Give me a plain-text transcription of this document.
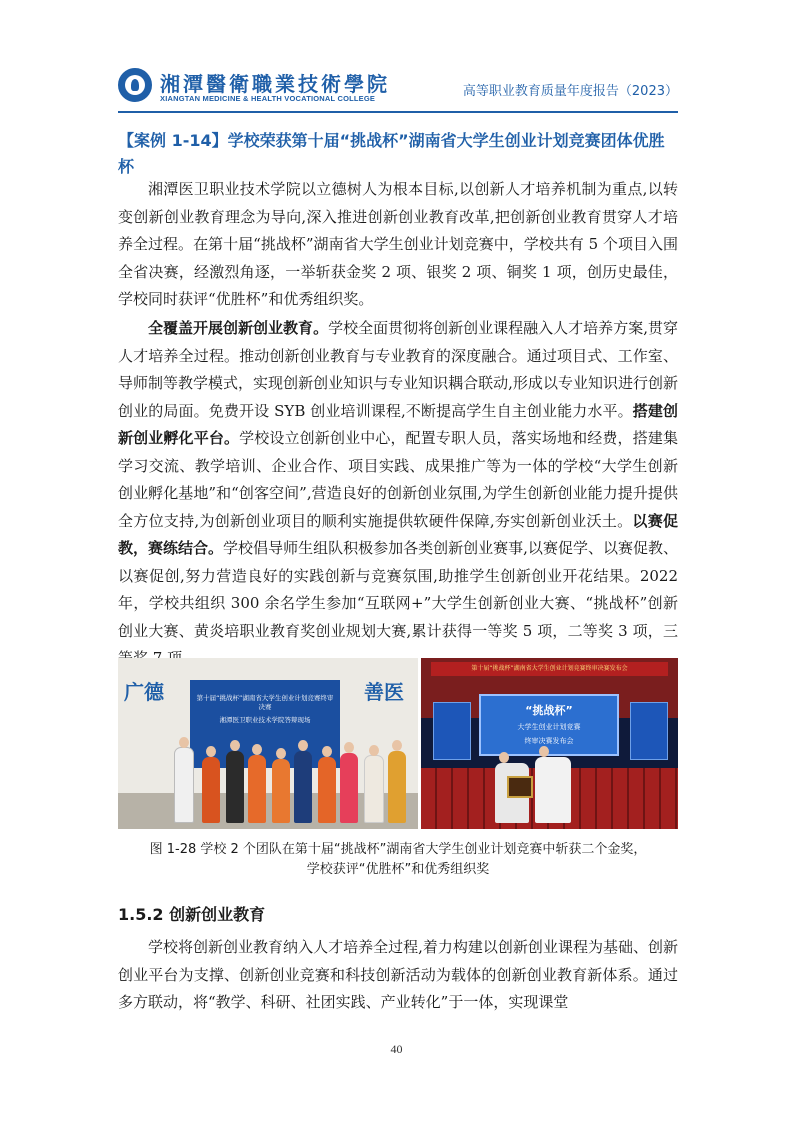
湘潭醫衛職業技術學院
XIANGTAN MEDICINE & HEALTH VOCATIONAL COLLEGE	高等职业教育质量年度报告（2023）
【案例 1-14】学校荣获第十届“挑战杯”湖南省大学生创业计划竞赛团体优胜杯

湘潭医卫职业技术学院以立德树人为根本目标,以创新人才培养机制为重点,以转变创新创业教育理念为导向,深入推进创新创业教育改革,把创新创业教育贯穿人才培养全过程。在第十届“挑战杯”湖南省大学生创业计划竞赛中，学校共有 5 个项目入围全省决赛，经激烈角逐，一举斩获金奖 2 项、银奖 2 项、铜奖 1 项，创历史最佳，学校同时获评“优胜杯”和优秀组织奖。

全覆盖开展创新创业教育。学校全面贯彻将创新创业课程融入人才培养方案,贯穿人才培养全过程。推动创新创业教育与专业教育的深度融合。通过项目式、工作室、导师制等教学模式，实现创新创业知识与专业知识耦合联动,形成以专业知识进行创新创业的局面。免费开设 SYB 创业培训课程,不断提高学生自主创业能力水平。搭建创新创业孵化平台。学校设立创新创业中心，配置专职人员，落实场地和经费，搭建集学习交流、教学培训、企业合作、项目实践、成果推广等为一体的学校“大学生创新创业孵化基地”和“创客空间”,营造良好的创新创业氛围,为学生创新创业能力提升提供全方位支持,为创新创业项目的顺利实施提供软硬件保障,夯实创新创业沃土。以赛促教，赛练结合。学校倡导师生组队积极参加各类创新创业赛事,以赛促学、以赛促教、以赛促创,努力营造良好的实践创新与竞赛氛围,助推学生创新创业开花结果。2022 年，学校共组织 300 余名学生参加“互联网+”大学生创新创业大赛、“挑战杯”创新创业大赛、黄炎培职业教育奖创业规划大赛,累计获得一等奖 5 项，二等奖 3 项，三

广德	善医
第十届“挑战杯”湖南省大学生创业计划竞赛终审决赛
湘潭医卫职业技术学院答辩现场
第十届“挑战杯”湖南省大学生创业计划竞赛终审决赛发布会
“挑战杯”
大学生创业计划竞赛
终审决赛发布会
图 1-28 学校 2 个团队在第十届“挑战杯”湖南省大学生创业计划竞赛中斩获二个金奖，
学校获评“优胜杯”和优秀组织奖
1.5.2 创新创业教育

学校将创新创业教育纳入人才培养全过程,着力构建以创新创业课程为基础、创新创业平台为支撑、创新创业竞赛和科技创新活动为载体的创新创业教育新体系。通过多方联动，将“教学、科研、社团实践、产业转化”于一体，实现课堂

40
